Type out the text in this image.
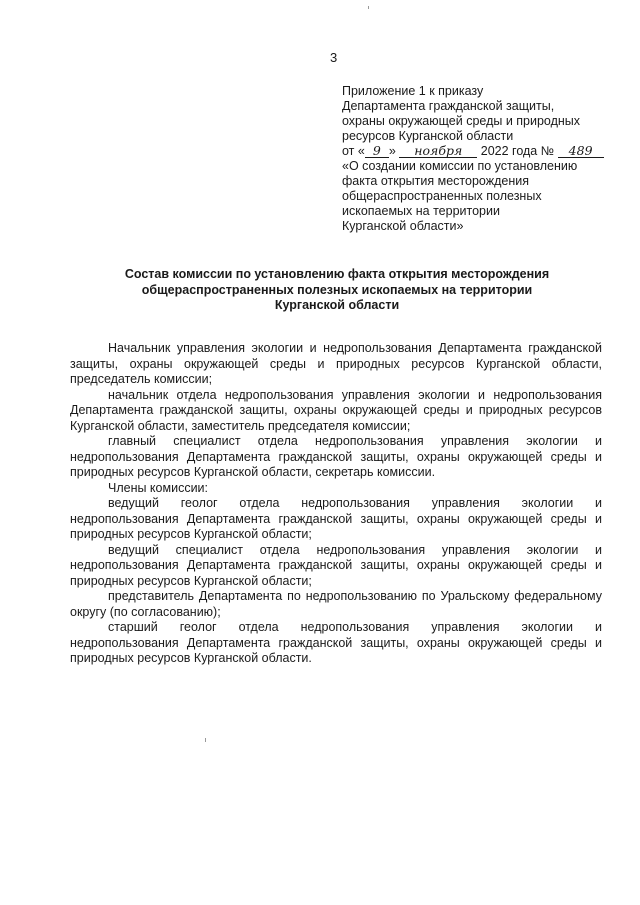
3
Приложение 1 к приказу
Департамента гражданской защиты,
охраны окружающей среды и природных
ресурсов Курганской области
от « 9 » ноября 2022 года № 489
«О создании комиссии по установлению
факта открытия месторождения
общераспространенных полезных
ископаемых на территории
Курганской области»
Состав комиссии по установлению факта открытия месторождения
общераспространенных полезных ископаемых на территории
Курганской области

Начальник управления экологии и недропользования Департамента гражданской защиты, охраны окружающей среды и природных ресурсов Курганской области, председатель комиссии;

начальник отдела недропользования управления экологии и недропользования Департамента гражданской защиты, охраны окружающей среды и природных ресурсов Курганской области, заместитель председателя комиссии;

главный специалист отдела недропользования управления экологии и недропользования Департамента гражданской защиты, охраны окружающей среды и природных ресурсов Курганской области, секретарь комиссии.

Члены комиссии:

ведущий геолог отдела недропользования управления экологии и недропользования Департамента гражданской защиты, охраны окружающей среды и природных ресурсов Курганской области;

ведущий специалист отдела недропользования управления экологии и недропользования Департамента гражданской защиты, охраны окружающей среды и природных ресурсов Курганской области;

представитель Департамента по недропользованию по Уральскому федеральному округу (по согласованию);

старший геолог отдела недропользования управления экологии и недропользования Департамента гражданской защиты, охраны окружающей среды и природных ресурсов Курганской области.
